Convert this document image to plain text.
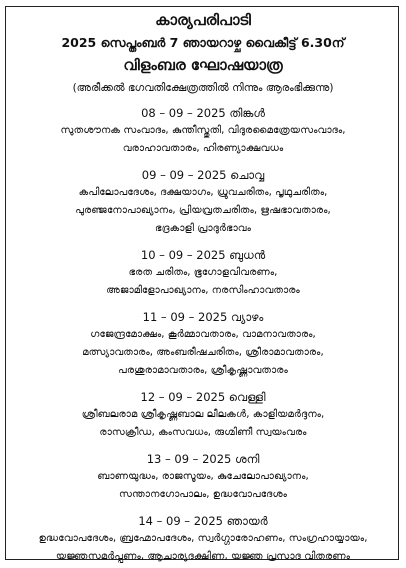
കാര്യപരിപാടി
2025 സെപ്തംബർ 7 ഞായറാഴ്ച വൈകീട്ട് 6.30ന്
വിളംബര ഘോഷയാത്ര
(അരീക്കൽ ഭഗവതിക്ഷേത്രത്തിൽ നിന്നും ആരംഭിക്കുന്നു)
08 – 09 – 2025 തിങ്കൾ
സുതശൗനക സംവാദം, കുന്തീസ്തുതി, വിദുരമൈത്രേയസംവാദം,
വരാഹാവതാരം, ഹിരണ്യാക്ഷവധം
09 – 09 – 2025 ചൊവ്വ
കപിലോപദേശം, ദക്ഷയാഗം, ധ്രുവചരിതം, പൃഥുചരിതം,
പുരഞ്ജനോപാഖ്യാനം, പ്രിയവ്രതചരിതം, ഋഷഭാവതാരം,
ഭദ്രകാളി പ്രാദുർഭാവം
10 – 09 – 2025 ബുധൻ
ഭരത ചരിതം, ഭൂഗോളവിവരണം,
അജാമിളോപാഖ്യാനം, നരസിംഹാവതാരം
11 – 09 – 2025 വ്യാഴം
ഗജേന്ദ്രമോക്ഷം, കൂർമ്മാവതാരം, വാമനാവതാരം,
മത്സ്യാവതാരം, അംബരീഷചരിതം, ശ്രീരാമാവതാരം,
പരശുരാമാവതാരം, ശ്രീകൃഷ്ണാവതാരം
12 – 09 – 2025 വെള്ളി
ശ്രീബലരാമ ശ്രീകൃഷ്ണബാല ലീലകൾ, കാളിയമർദ്ദനം,
രാസക്രീഡ, കംസവധം, രുഗ്മിണീ സ്വയംവരം
13 – 09 – 2025 ശനി
ബാണയുദ്ധം, രാജസൂയം, കുചേലോപാഖ്യാനം,
സന്താനഗോപാലം, ഉദ്ധവോപദേശം
14 – 09 – 2025 ഞായർ
ഉദ്ധവോപദേശം, ബ്രഹ്മോപദേശം, സ്വർഗ്ഗാരോഹണം, സംഗ്രഹായ്യായം,
യജ്ഞസമർപ്പണം, ആചാര്യദക്ഷിണ, യജ്ഞ പ്രസാദ വിതരണം
